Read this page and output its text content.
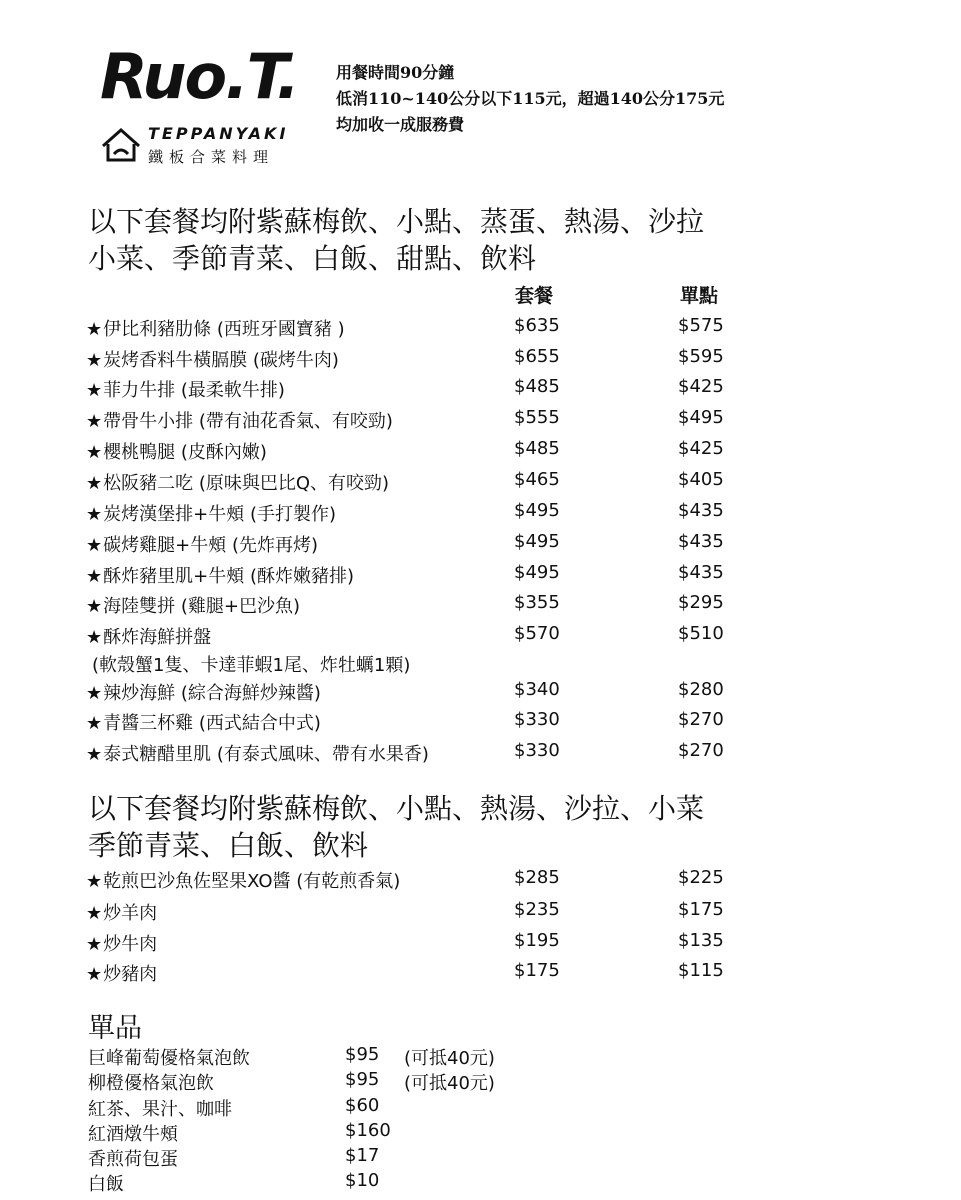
Ruo.T.
TEPPANYAKI
鐵板合菜料理
用餐時間90分鐘
低消110~140公分以下115元，超過140公分175元
均加收一成服務費
以下套餐均附紫蘇梅飲、小點、蒸蛋、熱湯、沙拉
小菜、季節青菜、白飯、甜點、飲料
套餐	單點
★伊比利豬肋條 (西班牙國寶豬 )	$635	$575
★炭烤香料牛橫膈膜 (碳烤牛肉)	$655	$595
★菲力牛排 (最柔軟牛排)	$485	$425
★帶骨牛小排 (帶有油花香氣、有咬勁)	$555	$495
★櫻桃鴨腿 (皮酥內嫩)	$485	$425
★松阪豬二吃 (原味與巴比Q、有咬勁)	$465	$405
★炭烤漢堡排+牛頰 (手打製作)	$495	$435
★碳烤雞腿+牛頰 (先炸再烤)	$495	$435
★酥炸豬里肌+牛頰 (酥炸嫩豬排)	$495	$435
★海陸雙拼 (雞腿+巴沙魚)	$355	$295
★酥炸海鮮拼盤	$570	$510
(軟殼蟹1隻、卡達菲蝦1尾、炸牡蠣1顆)
★辣炒海鮮 (綜合海鮮炒辣醬)	$340	$280
★青醬三杯雞 (西式結合中式)	$330	$270
★泰式糖醋里肌 (有泰式風味、帶有水果香)	$330	$270
以下套餐均附紫蘇梅飲、小點、熱湯、沙拉、小菜
季節青菜、白飯、飲料
★乾煎巴沙魚佐堅果XO醬 (有乾煎香氣)	$285	$225
★炒羊肉	$235	$175
★炒牛肉	$195	$135
★炒豬肉	$175	$115
單品
巨峰葡萄優格氣泡飲	$95 (可抵40元)
柳橙優格氣泡飲	$95 (可抵40元)
紅茶、果汁、咖啡	$60
紅酒燉牛頰	$160
香煎荷包蛋	$17
白飯	$10
